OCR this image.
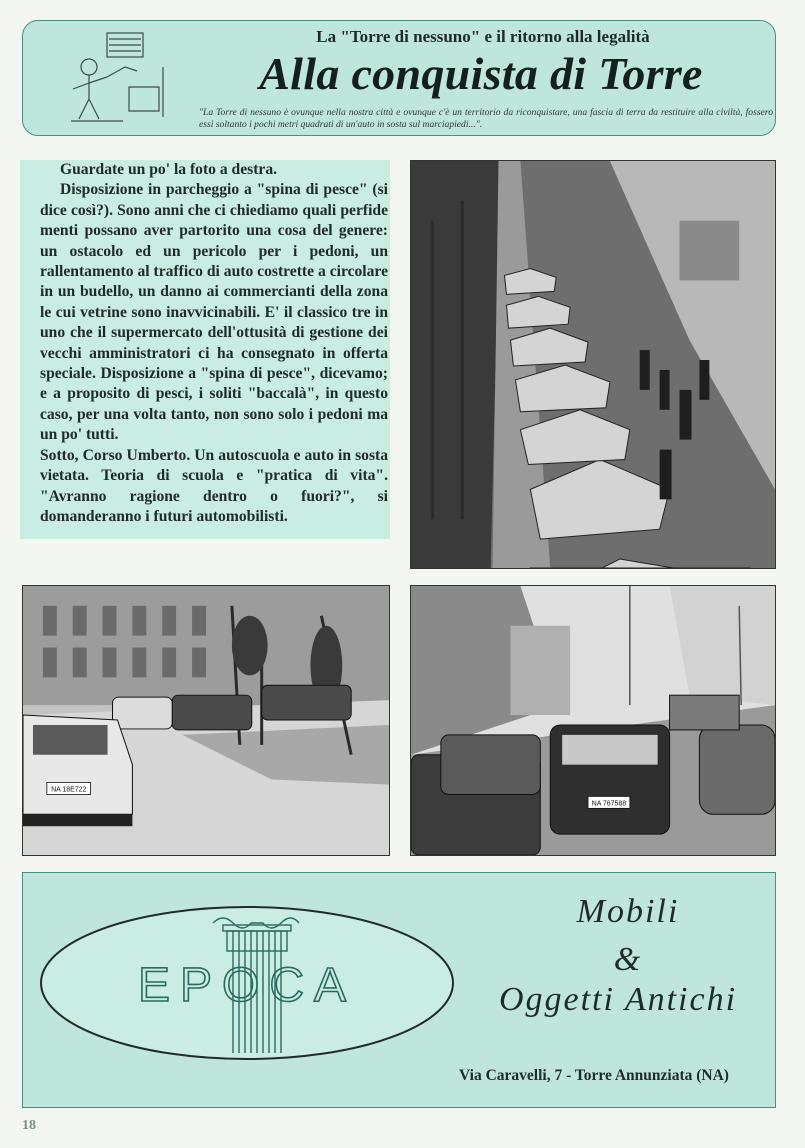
La "Torre di nessuno" e il ritorno alla legalità
Alla conquista di Torre
"La Torre di nessuno è ovunque nella nostra città e ovunque c'è un territorio da riconquistare, una fascia di terra da restituire alla civiltà, fossero essi soltanto i pochi metri quadrati di un'auto in sosta sul marciapiedi...".

Guardate un po' la foto a destra.

Disposizione in parcheggio a "spina di pesce" (si dice così?). Sono anni che ci chiediamo quali perfide menti possano aver partorito una cosa del genere: un ostacolo ed un pericolo per i pedoni, un rallentamento al traffico di auto costrette a circolare in un budello, un danno ai commercianti della zona le cui vetrine sono inavvicinabili. E' il classico tre in uno che il supermercato dell'ottusità di gestione dei vecchi amministratori ci ha consegnato in offerta speciale. Disposizione a "spina di pesce", dicevamo; e a proposito di pesci, i soliti "baccalà", in questo caso, per una volta tanto, non sono solo i pedoni ma un po' tutti.

Sotto, Corso Umberto. Un autoscuola e auto in sosta vietata. Teoria di scuola e "pratica di vita". "Avranno ragione dentro o fuori?", si domanderanno i futuri automobilisti.

NA 18E722
NA 767588
EPOCA
Mobili
&
Oggetti Antichi
Via Caravelli, 7 - Torre Annunziata (NA)
18
